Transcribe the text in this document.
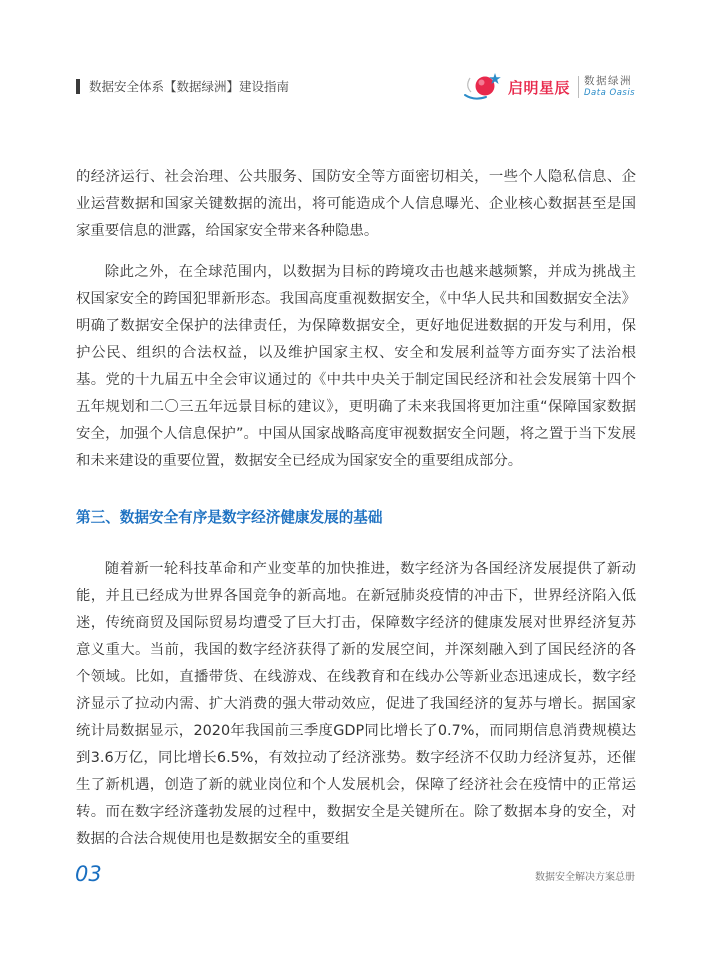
数据安全体系【数据绿洲】建设指南	启明星辰 数据绿洲
Data Oasis

的经济运行、社会治理、公共服务、国防安全等方面密切相关，一些个人隐私信息、企业运营数据和国家关键数据的流出，将可能造成个人信息曝光、企业核心数据甚至是国家重要信息的泄露，给国家安全带来各种隐患。

除此之外，在全球范围内，以数据为目标的跨境攻击也越来越频繁，并成为挑战主权国家安全的跨国犯罪新形态。我国高度重视数据安全，《中华人民共和国数据安全法》明确了数据安全保护的法律责任，为保障数据安全，更好地促进数据的开发与利用，保护公民、组织的合法权益，以及维护国家主权、安全和发展利益等方面夯实了法治根基。党的十九届五中全会审议通过的《中共中央关于制定国民经济和社会发展第十四个五年规划和二〇三五年远景目标的建议》，更明确了未来我国将更加注重“保障国家数据安全，加强个人信息保护”。中国从国家战略高度审视数据安全问题，将之置于当下发展和未来建设的重要位置，数据安全已经成为国家安全的重要组成部分。

第三、数据安全有序是数字经济健康发展的基础

随着新一轮科技革命和产业变革的加快推进，数字经济为各国经济发展提供了新动能，并且已经成为世界各国竞争的新高地。在新冠肺炎疫情的冲击下，世界经济陷入低迷，传统商贸及国际贸易均遭受了巨大打击，保障数字经济的健康发展对世界经济复苏意义重大。当前，我国的数字经济获得了新的发展空间，并深刻融入到了国民经济的各个领域。比如，直播带货、在线游戏、在线教育和在线办公等新业态迅速成长，数字经济显示了拉动内需、扩大消费的强大带动效应，促进了我国经济的复苏与增长。据国家统计局数据显示，2020年我国前三季度GDP同比增长了0.7%，而同期信息消费规模达到3.6万亿，同比增长6.5%，有效拉动了经济涨势。数字经济不仅助力经济复苏，还催生了新机遇，创造了新的就业岗位和个人发展机会，保障了经济社会在疫情中的正常运转。而在数字经济蓬勃发展的过程中，数据安全是关键所在。除了数据本身的安全，对数据的合法合规使用也是数据安全的重要组

03	数据安全解决方案总册
